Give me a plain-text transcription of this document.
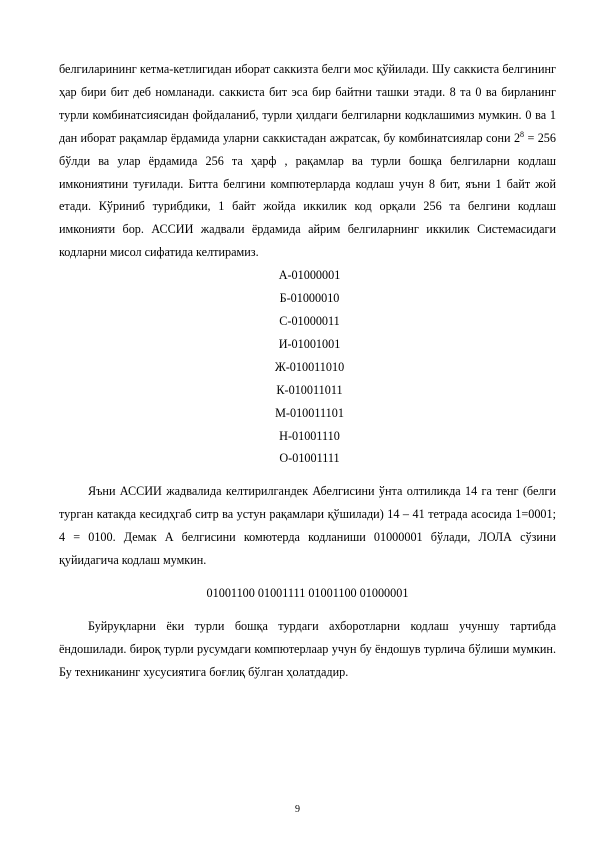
белгиларининг кетма-кетлигидан иборат саккизта белги мос қўйилади. Шу саккиста белгининг ҳар бири бит деб номланади. саккиста бит эса бир байтни ташки этади. 8 та 0 ва бирланинг турли комбинатсиясидан фойдаланиб, турли ҳилдаги белгиларни кодклашимиз мумкин. 0 ва 1 дан иборат рақамлар ёрдамида уларни саккистадан ажратсак, бу комбинатсиялар сони $2^8 = 256$ бўлди ва улар ёрдамида 256 та ҳарф , рақамлар ва турли бошқа белгиларни кодлаш имкониятини туғилади. Битта белгини компютерларда кодлаш учун 8 бит, яъни 1 байт жой етади. Кўриниб турибдики, 1 байт жойда иккилик код орқали 256 та белгини кодлаш имконияти бор. АССИИ жадвали ёрдамида айрим белгиларнинг иккилик Системасидаги кодларни мисол сифатида келтирамиз.

А-01000001
Б-01000010
С-01000011
И-01001001
Ж-010011010
К-010011011
М-010011101
Н-01001110
О-01001111

Яъни АССИИ жадвалида келтирилгандек Абелгисини ўнта олтиликда 14 га тенг (белги турган катакда кесидҳгаб ситр ва устун рақамлари қўшилади) 14 – 41 тетрада асосида 1=0001; 4 = 0100. Демак А белгисини комютерда кодланиши 01000001 бўлади, ЛОЛА сўзини қуйидагича кодлаш мумкин.

01001100 01001111 01001100 01000001

Буйруқларни ёки турли бошқа турдаги ахборотларни кодлаш учуншу тартибда ёндошилади. бироқ турли русумдаги компютерлаар учун бу ёндошув турлича бўлиши мумкин. Бу техниканинг хусусиятига боғлиқ бўлган ҳолатдадир.

9
